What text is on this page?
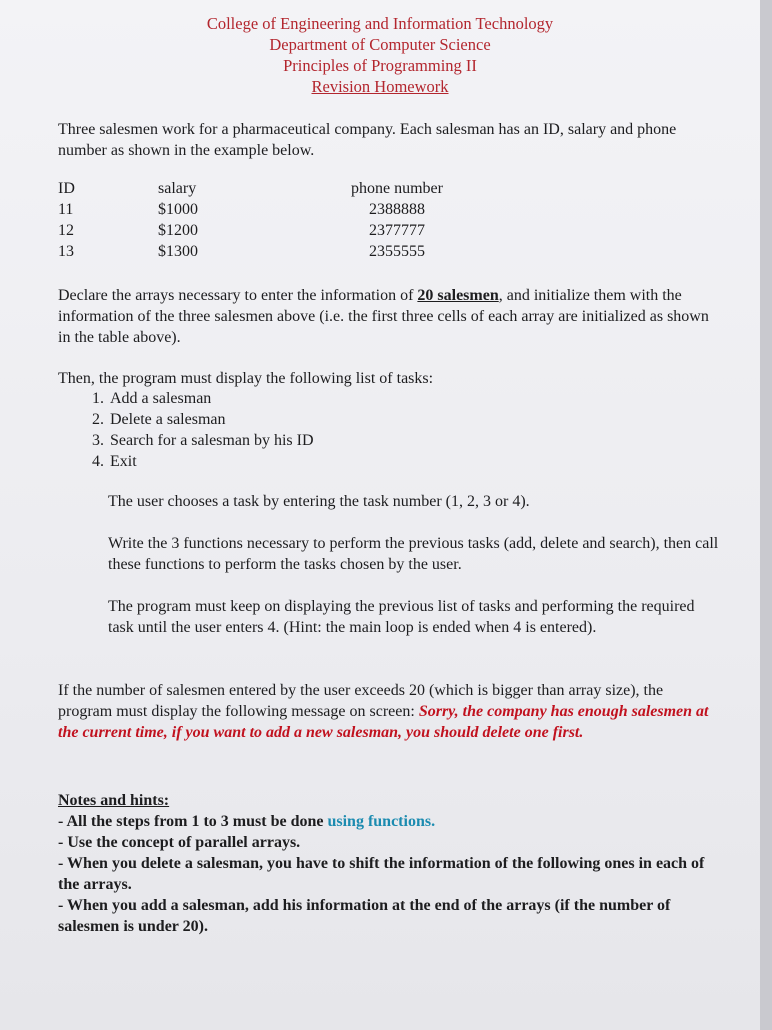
College of Engineering and Information Technology
Department of Computer Science
Principles of Programming II
Revision Homework
Three salesmen work for a pharmaceutical company. Each salesman has an ID, salary and phone number as shown in the example below.
ID
11
12
13
salary
$1000
$1200
$1300
phone number
2388888
2377777
2355555
Declare the arrays necessary to enter the information of 20 salesmen, and initialize them with the information of the three salesmen above (i.e. the first three cells of each array are initialized as shown in the table above).
Then, the program must display the following list of tasks:
1. Add a salesman
2. Delete a salesman
3. Search for a salesman by his ID
4. Exit
The user chooses a task by entering the task number (1, 2, 3 or 4).
Write the 3 functions necessary to perform the previous tasks (add, delete and search), then call these functions to perform the tasks chosen by the user.
The program must keep on displaying the previous list of tasks and performing the required task until the user enters 4. (Hint: the main loop is ended when 4 is entered).
If the number of salesmen entered by the user exceeds 20 (which is bigger than array size), the program must display the following message on screen: Sorry, the company has enough salesmen at the current time, if you want to add a new salesman, you should delete one first.
Notes and hints:
- All the steps from 1 to 3 must be done using functions.
- Use the concept of parallel arrays.
- When you delete a salesman, you have to shift the information of the following ones in each of the arrays.
- When you add a salesman, add his information at the end of the arrays (if the number of salesmen is under 20).
